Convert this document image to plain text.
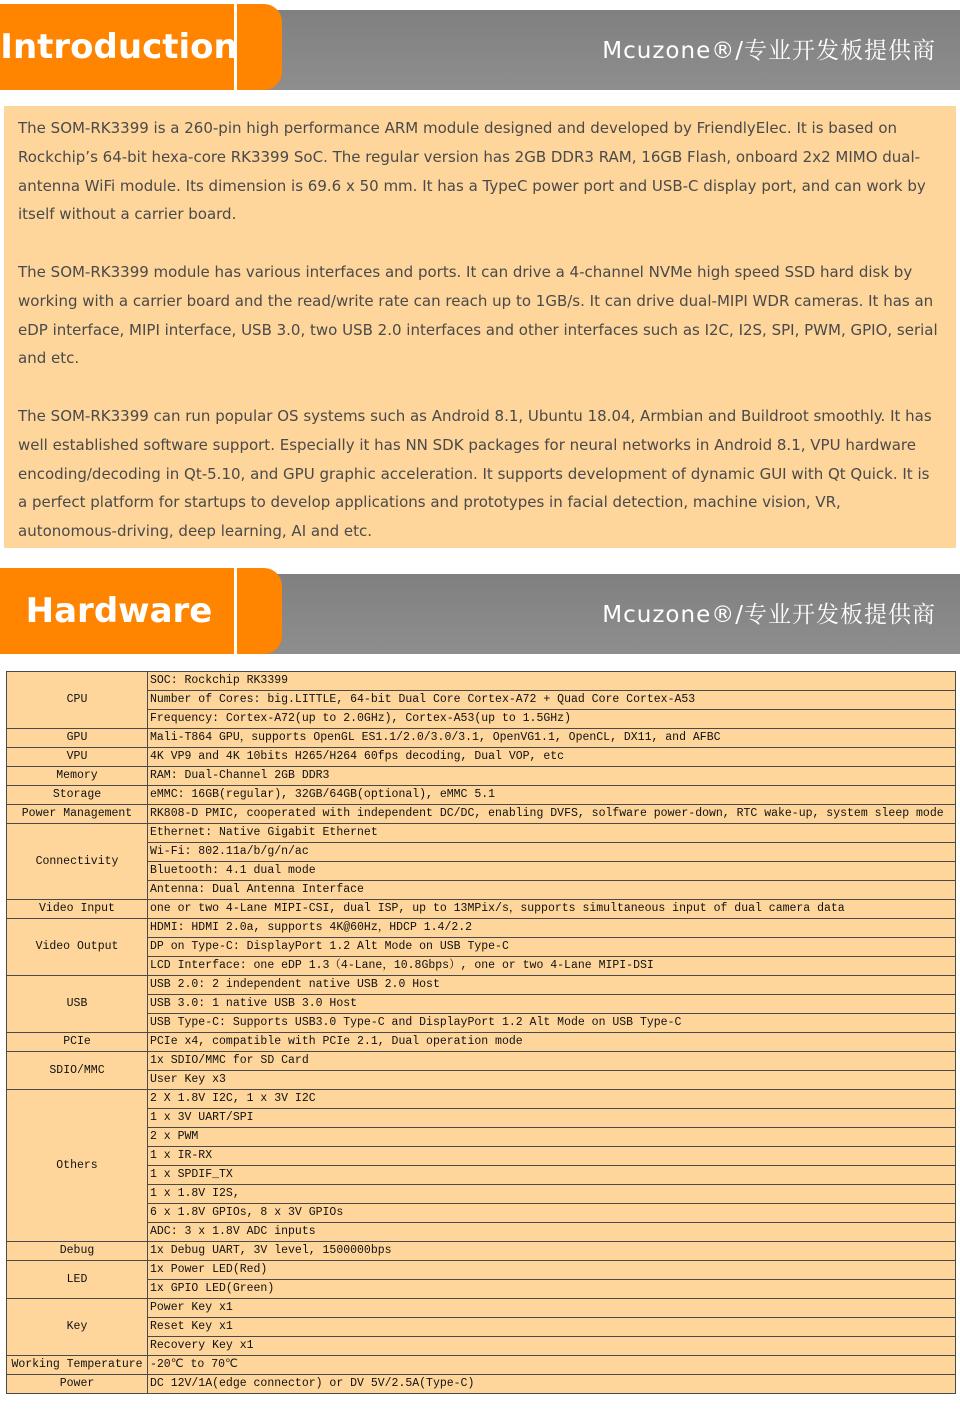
Introduction	Mcuzone®/专业开发板提供商

The SOM-RK3399 is a 260-pin high performance ARM module designed and developed by FriendlyElec. It is based on Rockchip’s 64-bit hexa-core RK3399 SoC. The regular version has 2GB DDR3 RAM, 16GB Flash, onboard 2x2 MIMO dual-antenna WiFi module. Its dimension is 69.6 x 50 mm. It has a TypeC power port and USB-C display port, and can work by itself without a carrier board.

The SOM-RK3399 module has various interfaces and ports. It can drive a 4-channel NVMe high speed SSD hard disk by working with a carrier board and the read/write rate can reach up to 1GB/s. It can drive dual-MIPI WDR cameras. It has an eDP interface, MIPI interface, USB 3.0, two USB 2.0 interfaces and other interfaces such as I2C, I2S, SPI, PWM, GPIO, serial and etc.

The SOM-RK3399 can run popular OS systems such as Android 8.1, Ubuntu 18.04, Armbian and Buildroot smoothly. It has well established software support. Especially it has NN SDK packages for neural networks in Android 8.1, VPU hardware encoding/decoding in Qt-5.10, and GPU graphic acceleration. It supports development of dynamic GUI with Qt Quick. It is a perfect platform for startups to develop applications and prototypes in facial detection, machine vision, VR, autonomous-driving, deep learning, AI and etc.

Hardware	Mcuzone®/专业开发板提供商
CPU	SOC: Rockchip RK3399
	Number of Cores: big.LITTLE, 64-bit Dual Core Cortex-A72 + Quad Core Cortex-A53
	Frequency: Cortex-A72(up to 2.0GHz), Cortex-A53(up to 1.5GHz)
GPU	Mali-T864 GPU，supports OpenGL ES1.1/2.0/3.0/3.1, OpenVG1.1, OpenCL, DX11, and AFBC
VPU	4K VP9 and 4K 10bits H265/H264 60fps decoding, Dual VOP, etc
Memory	RAM: Dual-Channel 2GB DDR3
Storage	eMMC: 16GB(regular), 32GB/64GB(optional), eMMC 5.1
Power Management	RK808-D PMIC, cooperated with independent DC/DC, enabling DVFS, solfware power-down, RTC wake-up, system sleep mode
Connectivity	Ethernet: Native Gigabit Ethernet
	Wi-Fi: 802.11a/b/g/n/ac
	Bluetooth: 4.1 dual mode
	Antenna: Dual Antenna Interface
Video Input	one or two 4-Lane MIPI-CSI, dual ISP, up to 13MPix/s，supports simultaneous input of dual camera data
Video Output	HDMI: HDMI 2.0a, supports 4K@60Hz，HDCP 1.4/2.2
	DP on Type-C: DisplayPort 1.2 Alt Mode on USB Type-C
	LCD Interface: one eDP 1.3（4-Lane，10.8Gbps）, one or two 4-Lane MIPI-DSI
USB	USB 2.0: 2 independent native USB 2.0 Host
	USB 3.0: 1 native USB 3.0 Host
	USB Type-C: Supports USB3.0 Type-C and DisplayPort 1.2 Alt Mode on USB Type-C
PCIe	PCIe x4, compatible with PCIe 2.1, Dual operation mode
SDIO/MMC	1x SDIO/MMC for SD Card
	User Key x3
Others	2 X 1.8V I2C, 1 x 3V I2C
	1 x 3V UART/SPI
	2 x PWM
	1 x IR-RX
	1 x SPDIF_TX
	1 x 1.8V I2S,
	6 x 1.8V GPIOs, 8 x 3V GPIOs
	ADC: 3 x 1.8V ADC inputs
Debug	1x Debug UART, 3V level, 1500000bps
LED	1x Power LED(Red)
	1x GPIO LED(Green)
Key	Power Key x1
	Reset Key x1
	Recovery Key x1
Working Temperature	-20℃ to 70℃
Power	DC 12V/1A(edge connector) or DV 5V/2.5A(Type-C)
